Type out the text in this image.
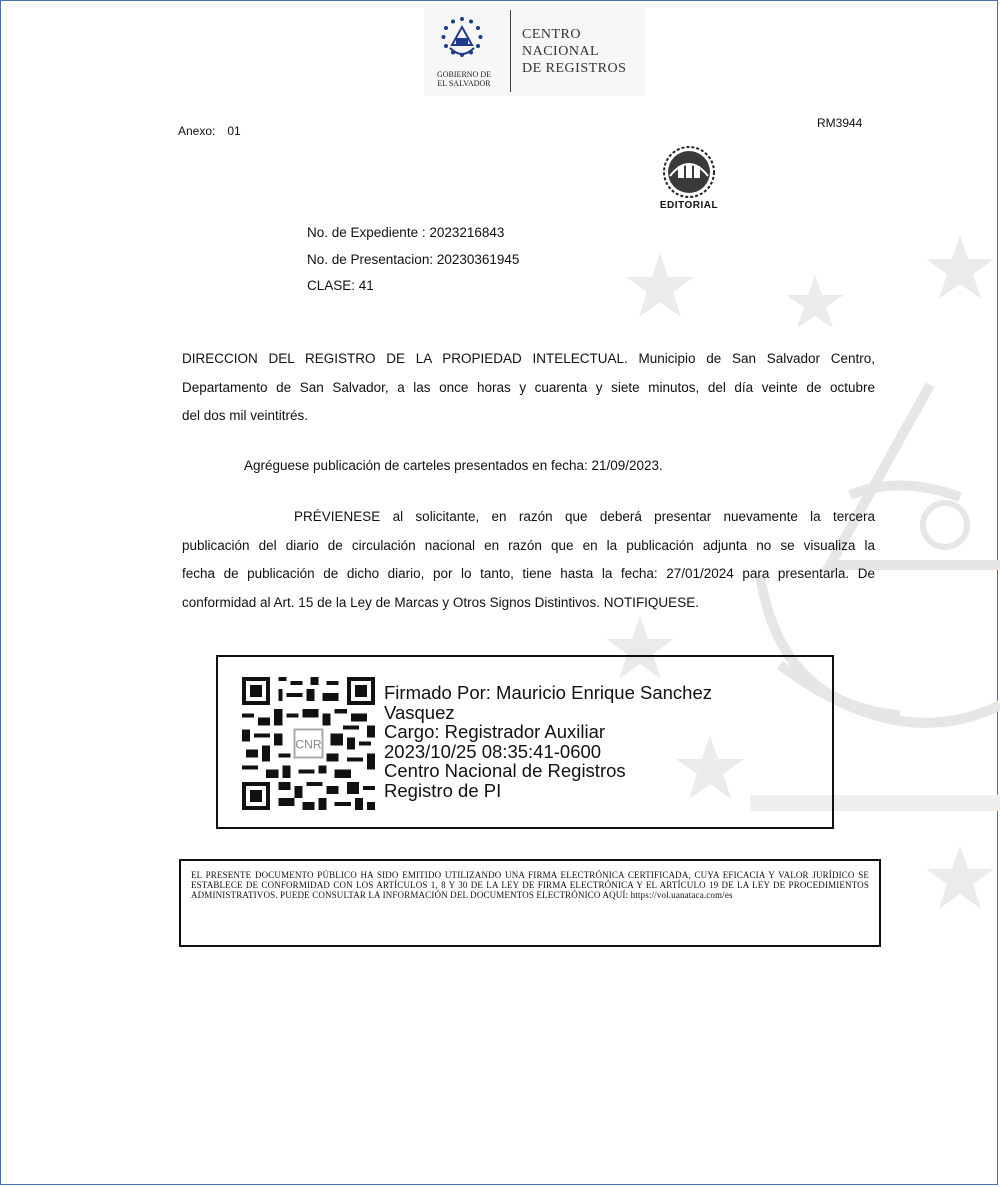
GOBIERNO DE
EL SALVADOR
CENTRO
NACIONAL
DE REGISTROS
Anexo: 01
RM3944
EDITORIAL
No. de Expediente : 2023216843
No. de Presentacion: 20230361945
CLASE: 41
DIRECCION DEL REGISTRO DE LA PROPIEDAD INTELECTUAL. Municipio de San Salvador Centro,
Departamento de San Salvador, a las once horas y cuarenta y siete minutos, del día veinte de octubre
del dos mil veintitrés.
Agréguese publicación de carteles presentados en fecha: 21/09/2023.
PRÉVIENESE al solicitante, en razón que deberá presentar nuevamente la tercera
publicación del diario de circulación nacional en razón que en la publicación adjunta no se visualiza la
fecha de publicación de dicho diario, por lo tanto, tiene hasta la fecha: 27/01/2024 para presentarla. De
conformidad al Art. 15 de la Ley de Marcas y Otros Signos Distintivos. NOTIFIQUESE.
CNR
Firmado Por: Mauricio Enrique Sanchez
Vasquez
Cargo: Registrador Auxiliar
2023/10/25 08:35:41-0600
Centro Nacional de Registros
Registro de PI
EL PRESENTE DOCUMENTO PÚBLICO HA SIDO EMITIDO UTILIZANDO UNA FIRMA ELECTRÓNICA CERTIFICADA, CUYA EFICACIA Y VALOR JURÍDICO SE ESTABLECE DE CONFORMIDAD CON LOS ARTÍCULOS 1, 8 Y 30 DE LA LEY DE FIRMA ELECTRÓNICA Y EL ARTÍCULO 19 DE LA LEY DE PROCEDIMIENTOS ADMINISTRATIVOS. PUEDE CONSULTAR LA INFORMACIÓN DEL DOCUMENTOS ELECTRÓNICO AQUÍ: https://vol.uanataca.com/es
